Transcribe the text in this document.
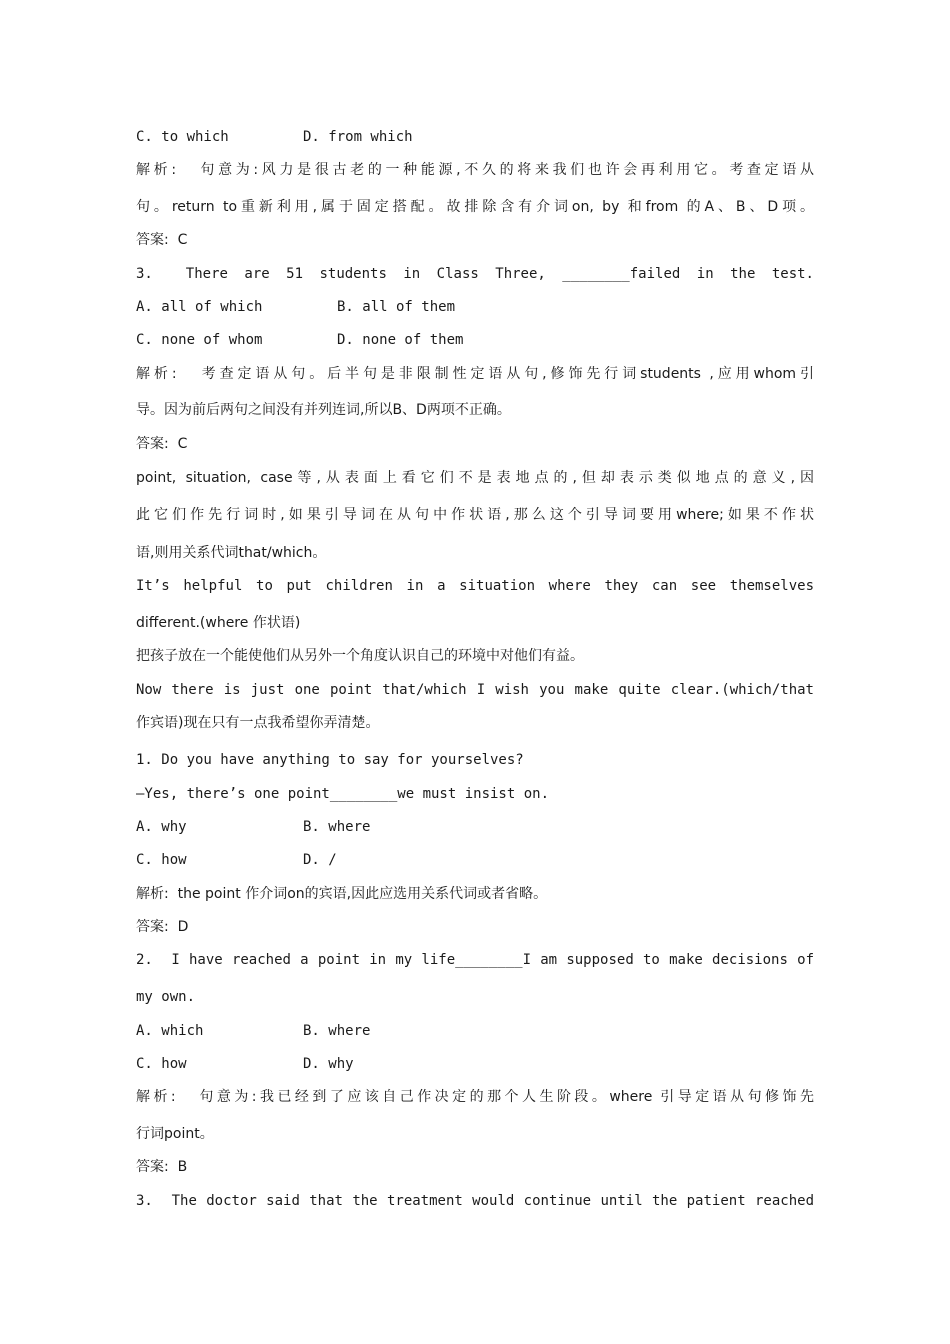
C. to which	D. from which
解析:   句意为:风力是很古老的一种能源,不久的将来我们也许会再利用它。考查定语从
句。return to重新利用,属于固定搭配。故排除含有介词on, by 和from 的A、B、D项。
答案:  C
3.  There are 51 students in Class Three, ________failed in the test.
A. all of which	B. all of them
C. none of whom	D. none of them
解析:   考查定语从句。后半句是非限制性定语从句,修饰先行词students ,应用whom引
导。因为前后两句之间没有并列连词,所以B、D两项不正确。
答案:  C
point, situation, case等,从表面上看它们不是表地点的,但却表示类似地点的意义,因
此它们作先行词时,如果引导词在从句中作状语,那么这个引导词要用where;如果不作状
语,则用关系代词that/which。
It’s helpful to put children in a situation where they can see themselves
different.(where 作状语)
把孩子放在一个能使他们从另外一个角度认识自己的环境中对他们有益。
Now there is just one point that/which I wish you make quite clear.(which/that
作宾语)现在只有一点我希望你弄清楚。
1. Do you have anything to say for yourselves?
—Yes, there’s one point________we must insist on.
A. why	B. where
C. how	D. /
解析:  the point 作介词on的宾语,因此应选用关系代词或者省略。
答案:  D
2.  I have reached a point in my life________I am supposed to make decisions of
my own.
A. which	B. where
C. how	D. why
解析:   句意为:我已经到了应该自己作决定的那个人生阶段。where 引导定语从句修饰先
行词point。
答案:  B
3.  The doctor said that the treatment would continue until the patient reached
